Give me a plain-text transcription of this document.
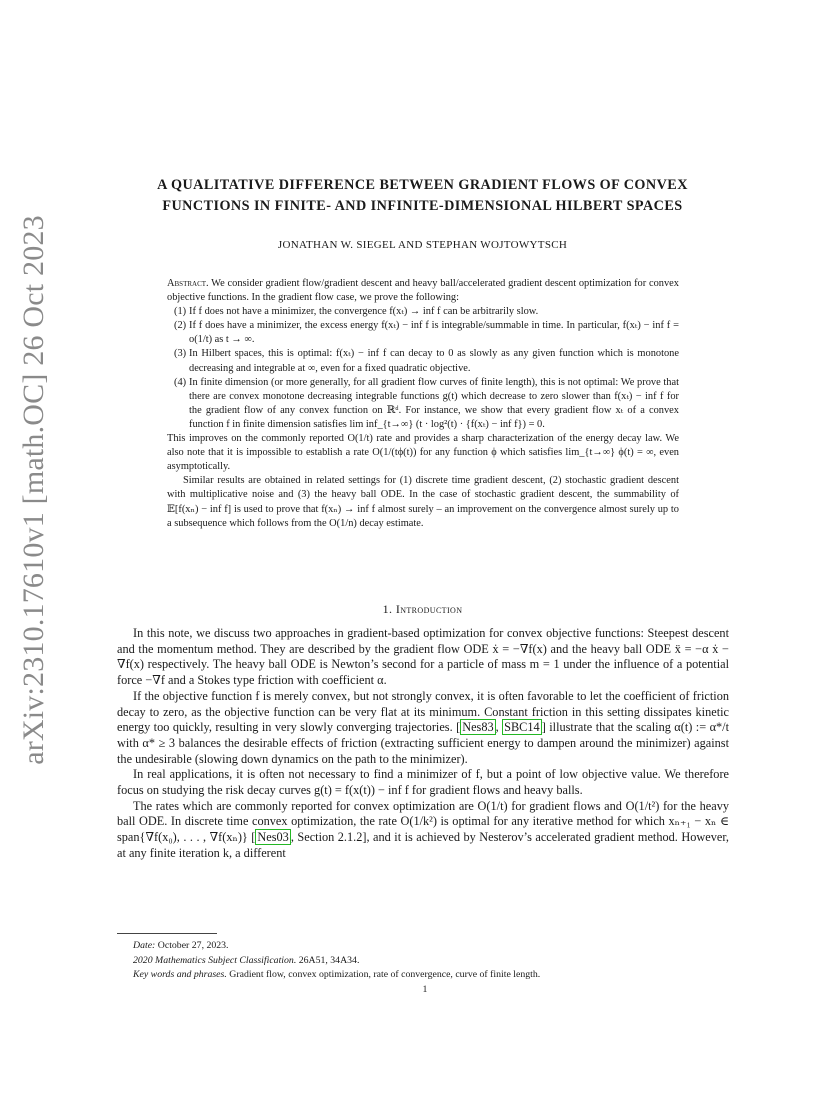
arXiv:2310.17610v1 [math.OC] 26 Oct 2023
A QUALITATIVE DIFFERENCE BETWEEN GRADIENT FLOWS OF CONVEX
FUNCTIONS IN FINITE- AND INFINITE-DIMENSIONAL HILBERT SPACES
JONATHAN W. SIEGEL AND STEPHAN WOJTOWYTSCH

Abstract. We consider gradient flow/gradient descent and heavy ball/accelerated gradient descent optimization for convex objective functions. In the gradient flow case, we prove the following:

(1) If f does not have a minimizer, the convergence f(xₜ) → inf f can be arbitrarily slow.
(2) If f does have a minimizer, the excess energy f(xₜ) − inf f is integrable/summable in time. In particular, f(xₜ) − inf f = o(1/t) as t → ∞.
(3) In Hilbert spaces, this is optimal: f(xₜ) − inf f can decay to 0 as slowly as any given function which is monotone decreasing and integrable at ∞, even for a fixed quadratic objective.
(4) In finite dimension (or more generally, for all gradient flow curves of finite length), this is not optimal: We prove that there are convex monotone decreasing integrable functions g(t) which decrease to zero slower than f(xₜ) − inf f for the gradient flow of any convex function on ℝᵈ. For instance, we show that every gradient flow xₜ of a convex function f in finite dimension satisfies lim inf_{t→∞} (t · log²(t) · {f(xₜ) − inf f}) = 0.

This improves on the commonly reported O(1/t) rate and provides a sharp characterization of the energy decay law. We also note that it is impossible to establish a rate O(1/(tϕ(t)) for any function ϕ which satisfies lim_{t→∞} ϕ(t) = ∞, even asymptotically.

Similar results are obtained in related settings for (1) discrete time gradient descent, (2) stochastic gradient descent with multiplicative noise and (3) the heavy ball ODE. In the case of stochastic gradient descent, the summability of 𝔼[f(xₙ) − inf f] is used to prove that f(xₙ) → inf f almost surely – an improvement on the convergence almost surely up to a subsequence which follows from the O(1/n) decay estimate.

1. Introduction

In this note, we discuss two approaches in gradient-based optimization for convex objective functions: Steepest descent and the momentum method. They are described by the gradient flow ODE ẋ = −∇f(x) and the heavy ball ODE ẍ = −α ẋ − ∇f(x) respectively. The heavy ball ODE is Newton’s second for a particle of mass m = 1 under the influence of a potential force −∇f and a Stokes type friction with coefficient α.

If the objective function f is merely convex, but not strongly convex, it is often favorable to let the coefficient of friction decay to zero, as the objective function can be very flat at its minimum. Constant friction in this setting dissipates kinetic energy too quickly, resulting in very slowly converging trajectories. [ Nes83 , SBC14 ] illustrate that the scaling α(t) := α*/t with α* ≥ 3 balances the desirable effects of friction (extracting sufficient energy to dampen around the minimizer) against the undesirable (slowing down dynamics on the path to the minimizer).

In real applications, it is often not necessary to find a minimizer of f, but a point of low objective value. We therefore focus on studying the risk decay curves g(t) = f(x(t)) − inf f for gradient flows and heavy balls.

The rates which are commonly reported for convex optimization are O(1/t) for gradient flows and O(1/t²) for the heavy ball ODE. In discrete time convex optimization, the rate O(1/k²) is optimal for any iterative method for which xₙ₊₁ − xₙ ∈ span{∇f(x₀), . . . , ∇f(xₙ)} [ Nes03 , Section 2.1.2], and it is achieved by Nesterov’s accelerated gradient method. However, at any finite iteration k, a different

Date: October 27, 2023.
2020 Mathematics Subject Classification. 26A51, 34A34.
Key words and phrases. Gradient flow, convex optimization, rate of convergence, curve of finite length.
1
